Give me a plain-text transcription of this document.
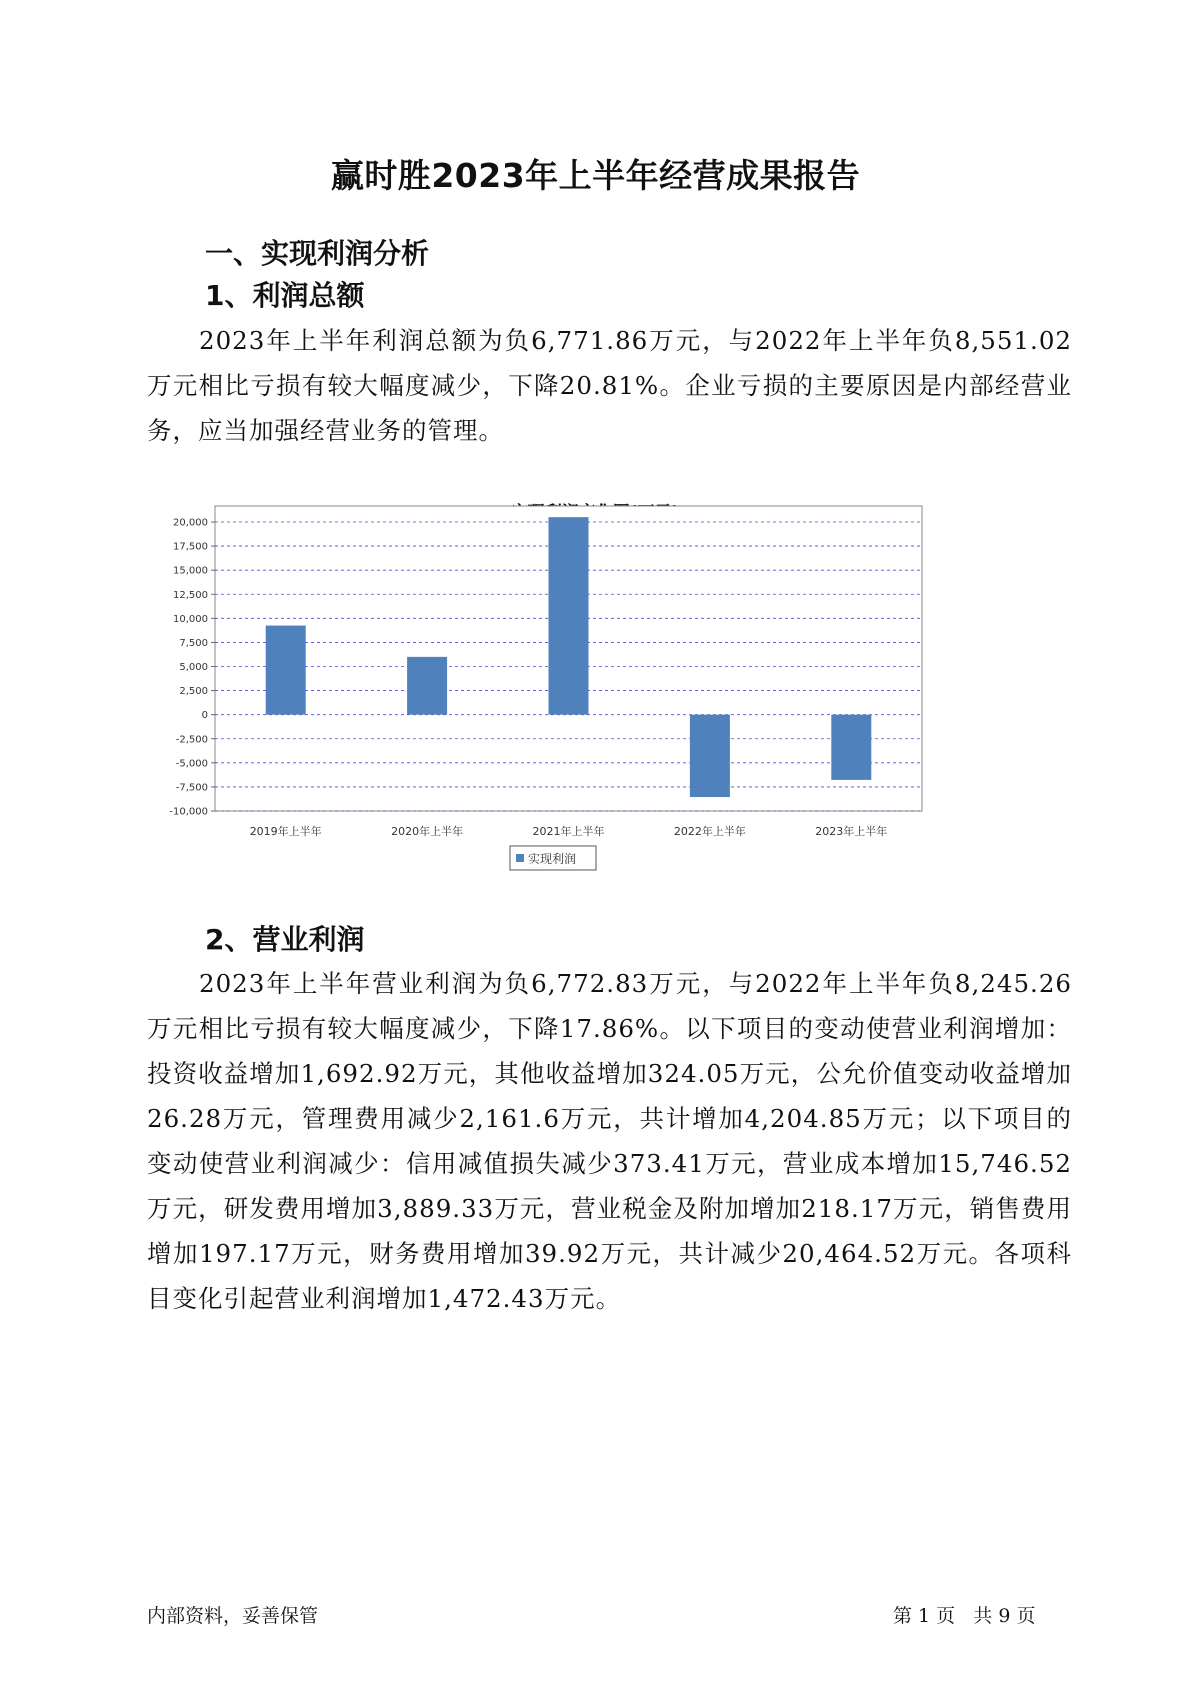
赢时胜2023年上半年经营成果报告
一、实现利润分析
1、利润总额
2023年上半年利润总额为负6,771.86万元，与2022年上半年负8,551.02万元相比亏损有较大幅度减少，下降20.81%。企业亏损的主要原因是内部经营业务，应当加强经营业务的管理。
20,000
17,500
15,000
12,500
10,000
7,500
5,000
2,500
0
-2,500
-5,000
-7,500
-10,000
2019年上半年	2020年上半年	2021年上半年	2022年上半年	2023年上半年
实现利润
2、营业利润
2023年上半年营业利润为负6,772.83万元，与2022年上半年负8,245.26万元相比亏损有较大幅度减少，下降17.86%。以下项目的变动使营业利润增加：投资收益增加1,692.92万元，其他收益增加324.05万元，公允价值变动收益增加26.28万元，管理费用减少2,161.6万元，共计增加4,204.85万元；以下项目的变动使营业利润减少：信用减值损失减少373.41万元，营业成本增加15,746.52万元，研发费用增加3,889.33万元，营业税金及附加增加218.17万元，销售费用增加197.17万元，财务费用增加39.92万元，共计减少20,464.52万元。各项科目变化引起营业利润增加1,472.43万元。
内部资料，妥善保管	第 1 页   共 9 页
